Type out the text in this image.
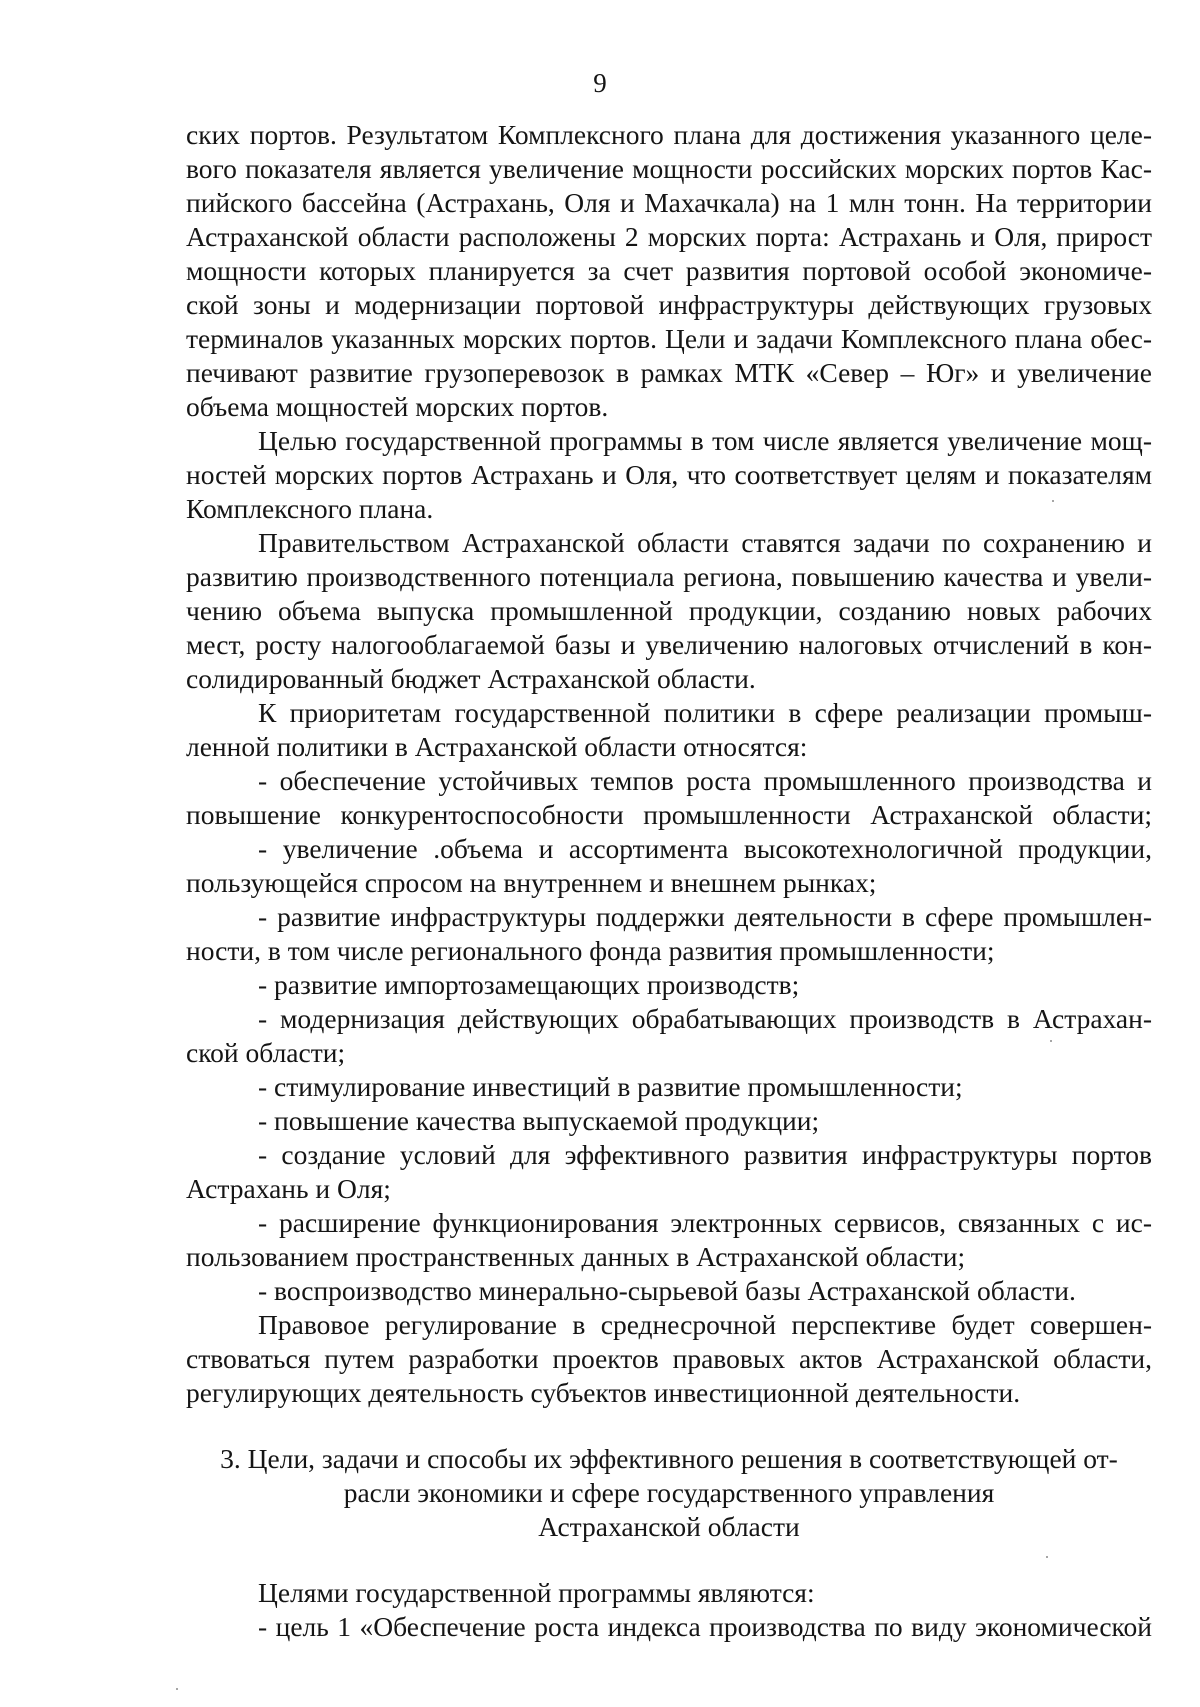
9
ских портов. Результатом Комплексного плана для достижения указанного целе-
вого показателя является увеличение мощности российских морских портов Кас-
пийского бассейна (Астрахань, Оля и Махачкала) на 1 млн тонн. На территории
Астраханской области расположены 2 морских порта: Астрахань и Оля, прирост
мощности которых планируется за счет развития портовой особой экономиче-
ской зоны и модернизации портовой инфраструктуры действующих грузовых
терминалов указанных морских портов. Цели и задачи Комплексного плана обес-
печивают развитие грузоперевозок в рамках МТК «Север – Юг» и увеличение
объема мощностей морских портов.
Целью государственной программы в том числе является увеличение мощ-
ностей морских портов Астрахань и Оля, что соответствует целям и показателям
Комплексного плана.
Правительством Астраханской области ставятся задачи по сохранению и
развитию производственного потенциала региона, повышению качества и увели-
чению объема выпуска промышленной продукции, созданию новых рабочих
мест, росту налогооблагаемой базы и увеличению налоговых отчислений в кон-
солидированный бюджет Астраханской области.
К приоритетам государственной политики в сфере реализации промыш-
ленной политики в Астраханской области относятся:
- обеспечение устойчивых темпов роста промышленного производства и
повышение конкурентоспособности промышленности Астраханской области;
- увеличение .объема и ассортимента высокотехнологичной продукции,
пользующейся спросом на внутреннем и внешнем рынках;
- развитие инфраструктуры поддержки деятельности в сфере промышлен-
ности, в том числе регионального фонда развития промышленности;
- развитие импортозамещающих производств;
- модернизация действующих обрабатывающих производств в Астрахан-
ской области;
- стимулирование инвестиций в развитие промышленности;
- повышение качества выпускаемой продукции;
- создание условий для эффективного развития инфраструктуры портов
Астрахань и Оля;
- расширение функционирования электронных сервисов, связанных с ис-
пользованием пространственных данных в Астраханской области;
- воспроизводство минерально-сырьевой базы Астраханской области.
Правовое регулирование в среднесрочной перспективе будет совершен-
ствоваться путем разработки проектов правовых актов Астраханской области,
регулирующих деятельность субъектов инвестиционной деятельности.
3. Цели, задачи и способы их эффективного решения в соответствующей от-
расли экономики и сфере государственного управления
Астраханской области
Целями государственной программы являются:
- цель 1 «Обеспечение роста индекса производства по виду экономической
